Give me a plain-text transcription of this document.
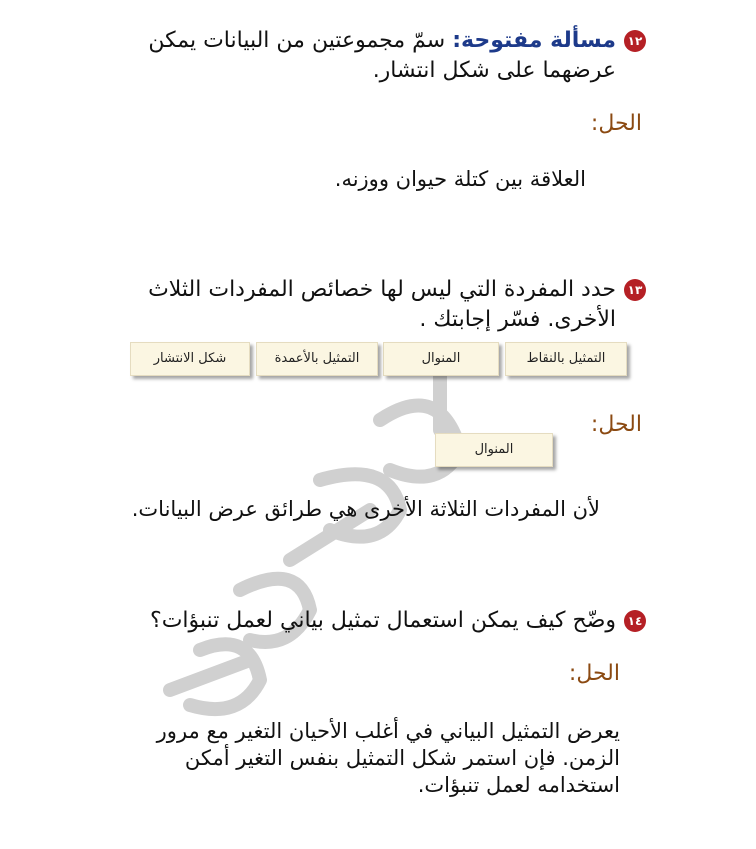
١٢مسألة مفتوحة: سمّ مجموعتين من البيانات يمكن
عرضهما على شكل انتشار.
الحل:
العلاقة بين كتلة حيوان ووزنه.
١٣حدد المفردة التي ليس لها خصائص المفردات الثلاث
الأخرى. فسّر إجابتك .
التمثيل بالنقاط
المنوال
التمثيل بالأعمدة
شكل الانتشار
الحل:
المنوال
لأن المفردات الثلاثة الأخرى هي طرائق عرض البيانات.
١٤وضّح كيف يمكن استعمال تمثيل بياني لعمل تنبؤات؟
الحل:
يعرض التمثيل البياني في أغلب الأحيان التغير مع مرور
الزمن. فإن استمر شكل التمثيل بنفس التغير أمكن
استخدامه لعمل تنبؤات.
